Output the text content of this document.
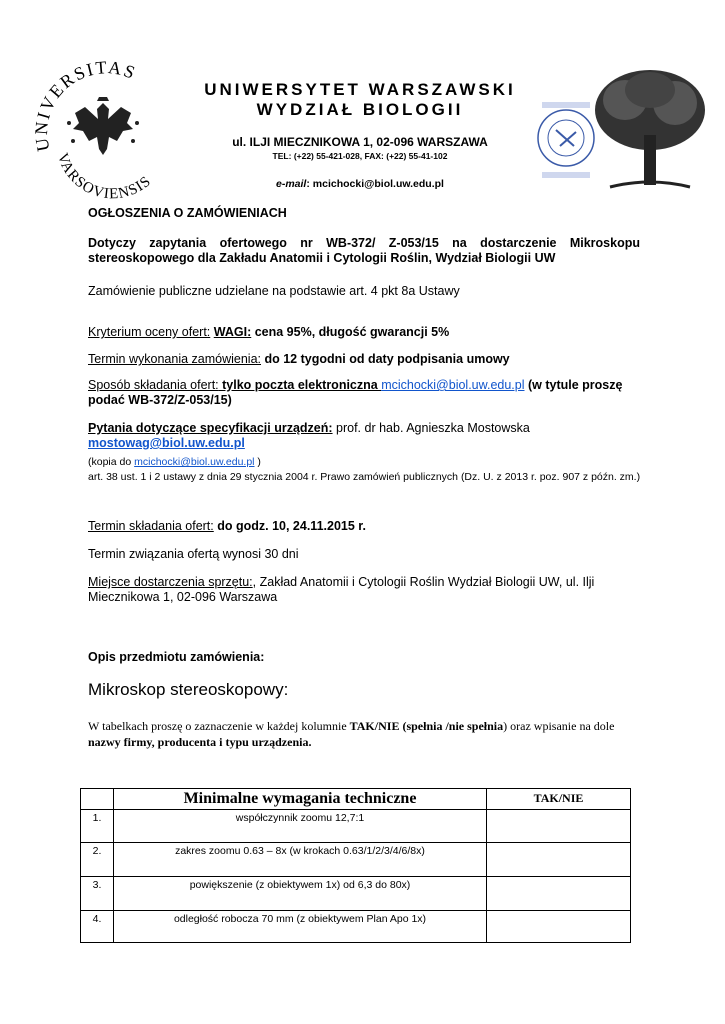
UNIVERSITAS
VARSOVIENSIS
UNIWERSYTET WARSZAWSKI
WYDZIAŁ BIOLOGII
ul. ILJI MIECZNIKOWA 1, 02-096 WARSZAWA
TEL: (+22) 55-421-028, FAX: (+22) 55-41-102
e-mail: mcichocki@biol.uw.edu.pl
OGŁOSZENIA O ZAMÓWIENIACH
Dotyczy zapytania ofertowego nr WB-372/ Z-053/15 na dostarczenie Mikroskopu stereoskopowego dla Zakładu Anatomii i Cytologii Roślin, Wydział Biologii UW
Zamówienie publiczne udzielane na podstawie art. 4 pkt 8a Ustawy
Kryterium oceny ofert: WAGI: cena 95%, długość gwarancji 5%
Termin wykonania zamówienia: do 12 tygodni od daty podpisania umowy
Sposób składania ofert: tylko poczta elektroniczna mcichocki@biol.uw.edu.pl (w tytule proszę podać WB-372/Z-053/15)
Pytania dotyczące specyfikacji urządzeń: prof. dr hab. Agnieszka Mostowska
mostowag@biol.uw.edu.pl
(kopia do mcichocki@biol.uw.edu.pl )
art. 38 ust. 1 i 2 ustawy z dnia 29 stycznia 2004 r. Prawo zamówień publicznych (Dz. U. z 2013 r. poz. 907 z późn. zm.)
Termin składania ofert: do godz. 10, 24.11.2015 r.
Termin związania ofertą wynosi 30 dni
Miejsce dostarczenia sprzętu:, Zakład Anatomii i Cytologii Roślin Wydział Biologii UW, ul. Ilji Miecznikowa 1, 02-096 Warszawa
Opis przedmiotu zamówienia:
Mikroskop stereoskopowy:
W tabelkach proszę o zaznaczenie w każdej kolumnie TAK/NIE (spełnia /nie spełnia) oraz wpisanie na dole nazwy firmy, producenta i typu urządzenia.
	Minimalne wymagania techniczne	TAK/NIE
1.	współczynnik zoomu 12,7:1	
2.	zakres zoomu 0.63 – 8x (w krokach 0.63/1/2/3/4/6/8x)	
3.	powiększenie (z obiektywem 1x) od 6,3 do 80x)	
4.	odległość robocza 70 mm (z obiektywem Plan Apo 1x)	
